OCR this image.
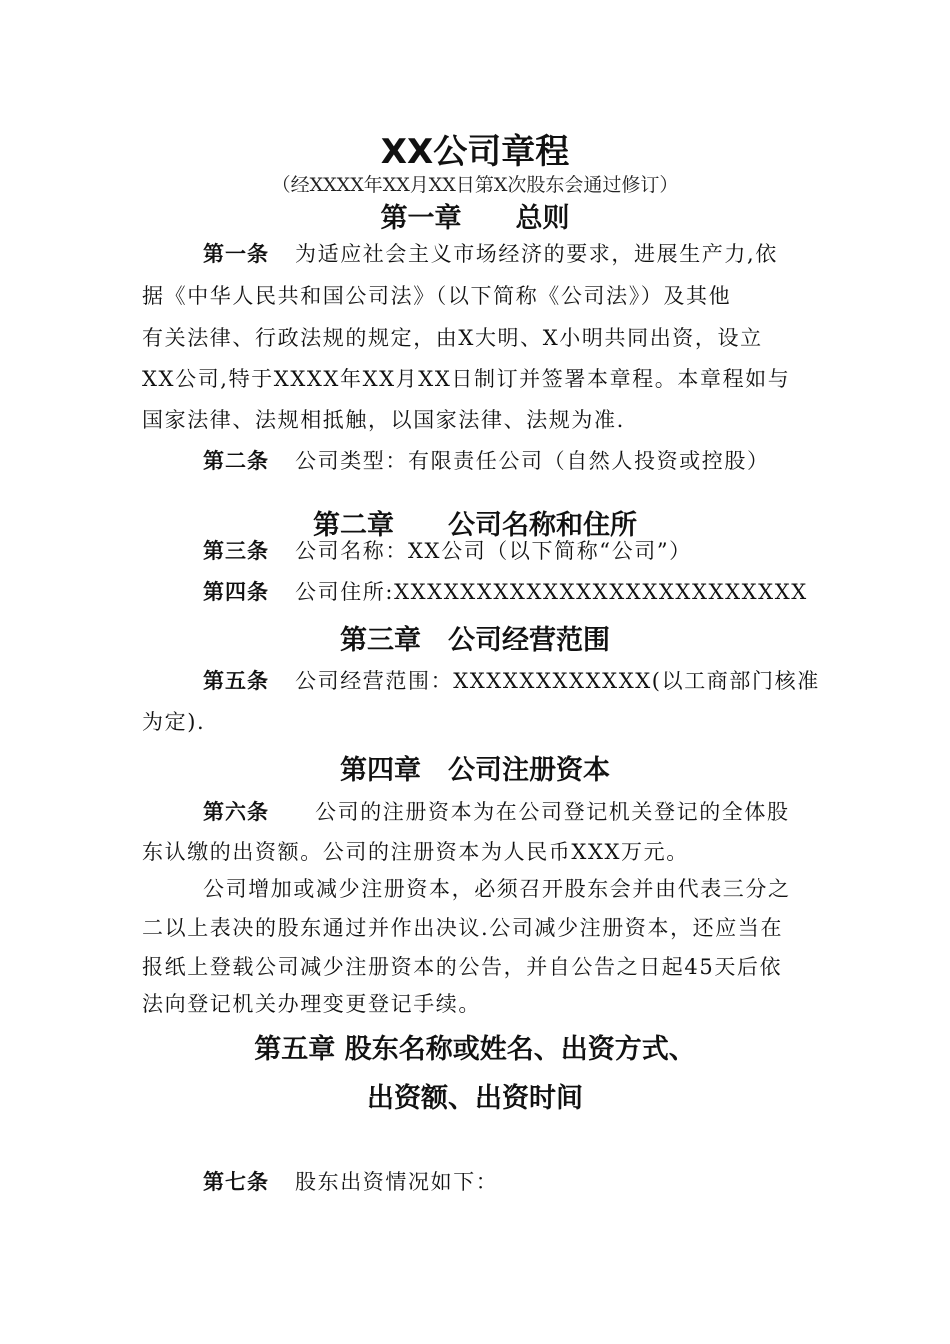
XX公司章程
（经XXXX年XX月XX日第X次股东会通过修订）
第一章　　总则
第一条 为适应社会主义市场经济的要求，进展生产力,依
据《中华人民共和国公司法》（以下简称《公司法》）及其他
有关法律、行政法规的规定，由X大明、X小明共同出资，设立
XX公司,特于XXXX年XX月XX日制订并签署本章程。本章程如与
国家法律、法规相抵触，以国家法律、法规为准.
第二条 公司类型：有限责任公司（自然人投资或控股）
第二章　　公司名称和住所
第三条 公司名称：XX公司（以下简称“公司”）
第四条 公司住所:XXXXXXXXXXXXXXXXXXXXXXXXX
第三章　公司经营范围
第五条 公司经营范围：XXXXXXXXXXXX(以工商部门核准
为定).
第四章　公司注册资本
第六条 公司的注册资本为在公司登记机关登记的全体股
东认缴的出资额。公司的注册资本为人民币XXX万元。
公司增加或减少注册资本，必须召开股东会并由代表三分之
二以上表决的股东通过并作出决议.公司减少注册资本，还应当在
报纸上登载公司减少注册资本的公告，并自公告之日起45天后依
法向登记机关办理变更登记手续。
第五章 股东名称或姓名、出资方式、
出资额、出资时间
第七条 股东出资情况如下：
